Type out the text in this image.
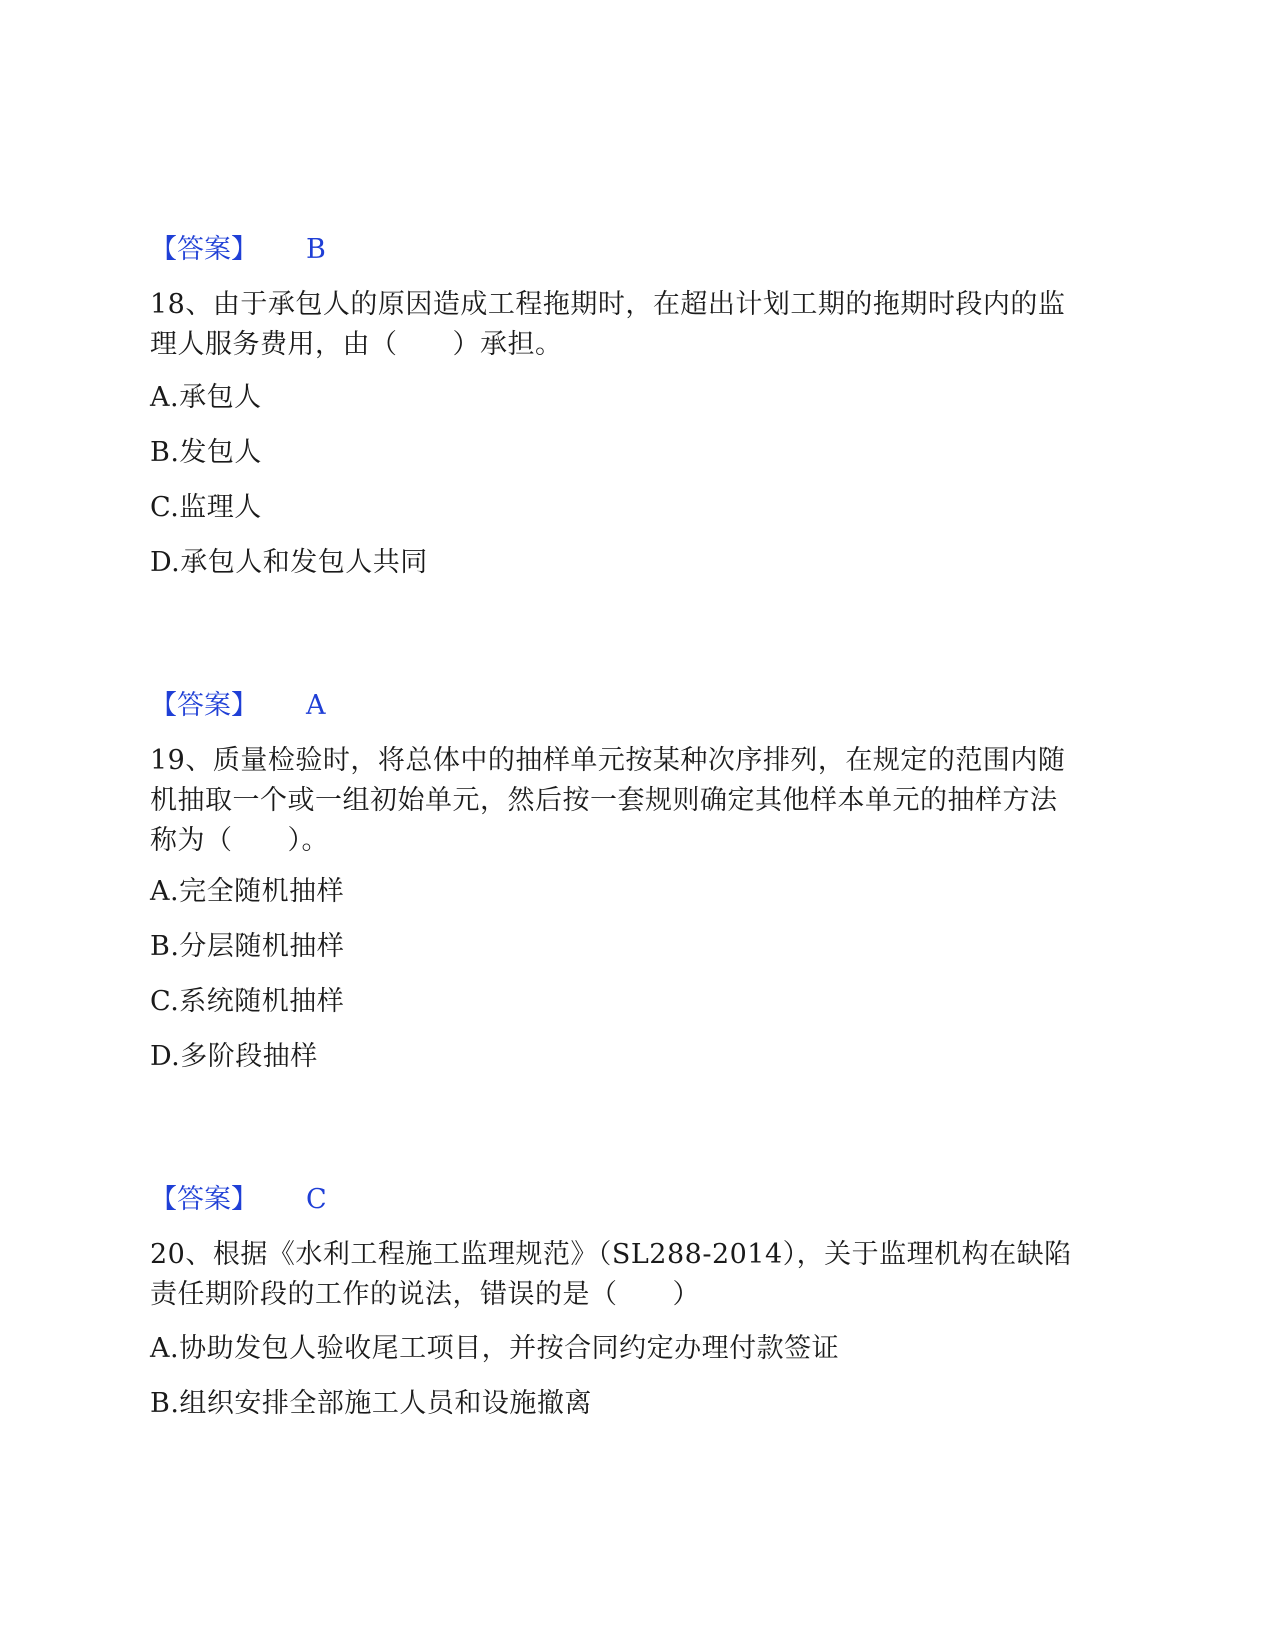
【答案】 B
18、由于承包人的原因造成工程拖期时，在超出计划工期的拖期时段内的监
理人服务费用，由（　　）承担。
A.承包人
B.发包人
C.监理人
D.承包人和发包人共同
【答案】 A
19、质量检验时，将总体中的抽样单元按某种次序排列，在规定的范围内随
机抽取一个或一组初始单元，然后按一套规则确定其他样本单元的抽样方法
称为（　　）。
A.完全随机抽样
B.分层随机抽样
C.系统随机抽样
D.多阶段抽样
【答案】 C
20、根据《水利工程施工监理规范》（SL288-2014），关于监理机构在缺陷
责任期阶段的工作的说法，错误的是（　　）
A.协助发包人验收尾工项目，并按合同约定办理付款签证
B.组织安排全部施工人员和设施撤离
